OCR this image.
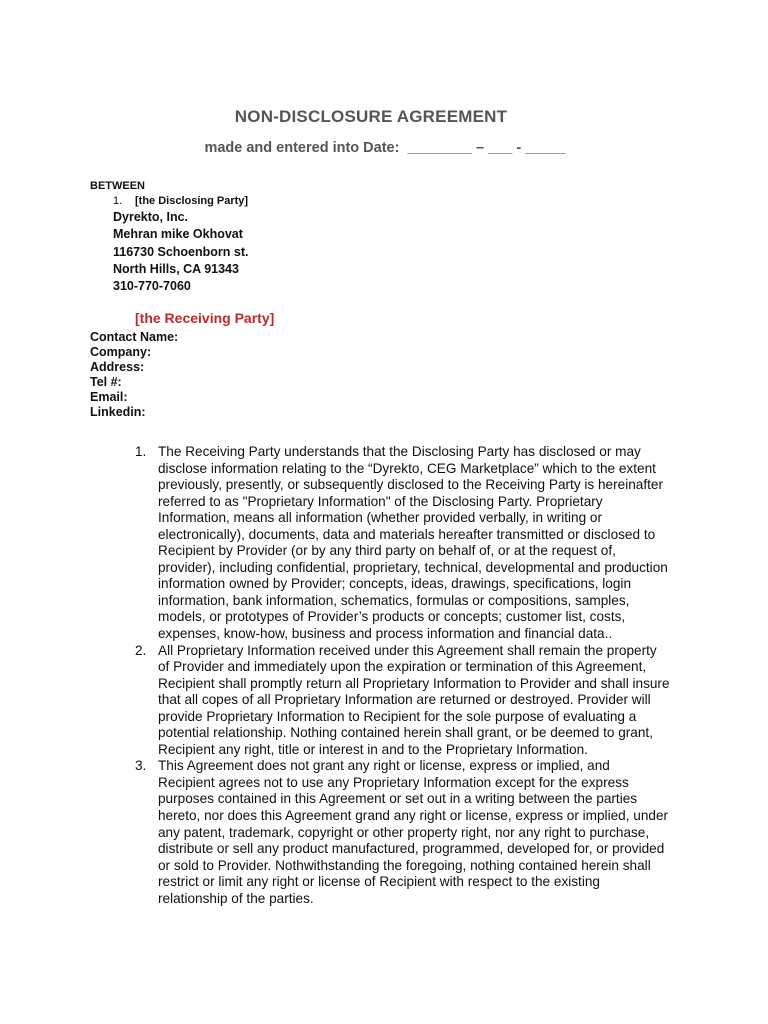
NON-DISCLOSURE AGREEMENT

made and entered into Date:  ________ – ___ - _____

BETWEEN

1. [the Disclosing Party]

Dyrekto, Inc.
Mehran mike Okhovat
116730 Schoenborn st.
North Hills, CA 91343
310-770-7060

[the Receiving Party]

Contact Name:
Company:
Address:
Tel #:
Email:
Linkedin:
1. The Receiving Party understands that the Disclosing Party has disclosed or may
disclose information relating to the “Dyrekto, CEG Marketplace” which to the extent
previously, presently, or subsequently disclosed to the Receiving Party is hereinafter
referred to as "Proprietary Information" of the Disclosing Party. Proprietary
Information, means all information (whether provided verbally, in writing or
electronically), documents, data and materials hereafter transmitted or disclosed to
Recipient by Provider (or by any third party on behalf of, or at the request of,
provider), including confidential, proprietary, technical, developmental and production
information owned by Provider; concepts, ideas, drawings, specifications, login
information, bank information, schematics, formulas or compositions, samples,
models, or prototypes of Provider’s products or concepts; customer list, costs,
expenses, know-how, business and process information and financial data..
2. All Proprietary Information received under this Agreement shall remain the property
of Provider and immediately upon the expiration or termination of this Agreement,
Recipient shall promptly return all Proprietary Information to Provider and shall insure
that all copes of all Proprietary Information are returned or destroyed. Provider will
provide Proprietary Information to Recipient for the sole purpose of evaluating a
potential relationship. Nothing contained herein shall grant, or be deemed to grant,
Recipient any right, title or interest in and to the Proprietary Information.
3. This Agreement does not grant any right or license, express or implied, and
Recipient agrees not to use any Proprietary Information except for the express
purposes contained in this Agreement or set out in a writing between the parties
hereto, nor does this Agreement grand any right or license, express or implied, under
any patent, trademark, copyright or other property right, nor any right to purchase,
distribute or sell any product manufactured, programmed, developed for, or provided
or sold to Provider. Nothwithstanding the foregoing, nothing contained herein shall
restrict or limit any right or license of Recipient with respect to the existing
relationship of the parties.
